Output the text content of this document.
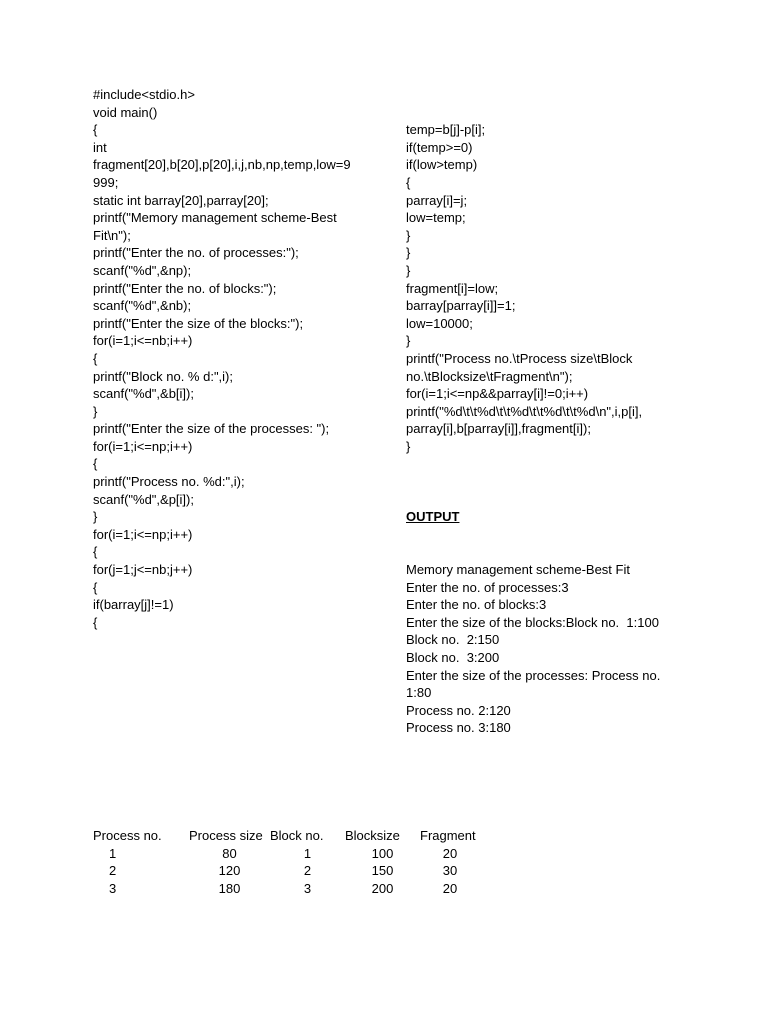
#include<stdio.h>
void main()
{
int
fragment[20],b[20],p[20],i,j,nb,np,temp,low=9
999;
static int barray[20],parray[20];
printf("Memory management scheme-Best
Fit\n");
printf("Enter the no. of processes:");
scanf("%d",&np);
printf("Enter the no. of blocks:");
scanf("%d",&nb);
printf("Enter the size of the blocks:");
for(i=1;i<=nb;i++)
{
printf("Block no. % d:",i);
scanf("%d",&b[i]);
}
printf("Enter the size of the processes: ");
for(i=1;i<=np;i++)
{
printf("Process no. %d:",i);
scanf("%d",&p[i]);
}
for(i=1;i<=np;i++)
{
for(j=1;j<=nb;j++)
{
if(barray[j]!=1)
{

temp=b[j]-p[i];
if(temp>=0)
if(low>temp)
{
parray[i]=j;
low=temp;
}
}
}
fragment[i]=low;
barray[parray[i]]=1;
low=10000;
}
printf("Process no.\tProcess size\tBlock
no.\tBlocksize\tFragment\n");
for(i=1;i<=np&&parray[i]!=0;i++)
printf("%d\t\t%d\t\t%d\t\t%d\t\t%d\n",i,p[i],
parray[i],b[parray[i]],fragment[i]);
}

OUTPUT

Memory management scheme-Best Fit
Enter the no. of processes:3
Enter the no. of blocks:3
Enter the size of the blocks:Block no.  1:100
Block no.  2:150
Block no.  3:200
Enter the size of the processes: Process no.
1:80
Process no. 2:120
Process no. 3:180

Process no.	Process size	Block no.	Blocksize	Fragment
1	80	1	100	20
2	120	2	150	30
3	180	3	200	20
